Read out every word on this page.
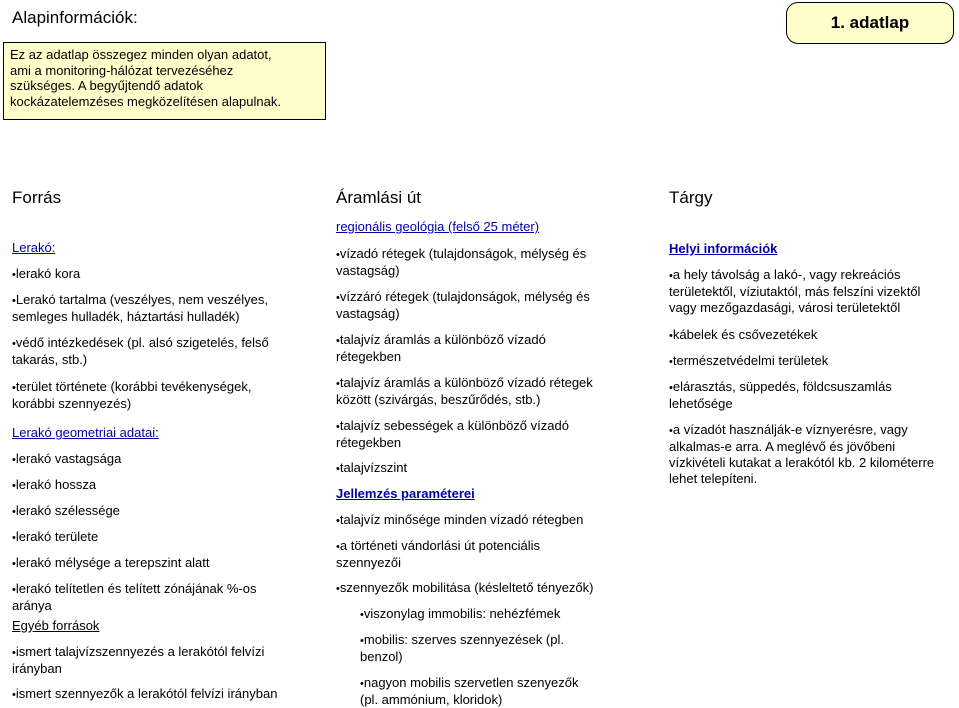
Alapinformációk:	1. adatlap
Ez az adatlap összegez minden olyan adatot,
ami a monitoring-hálózat tervezéséhez
szükséges. A begyűjtendő adatok
kockázatelemzéses megközelítésen alapulnak.
Forrás	Áramlási út	Tárgy
Lerakó:
• lerakó kora
• Lerakó tartalma (veszélyes, nem veszélyes,
semleges hulladék, háztartási hulladék)
• védő intézkedések (pl. alsó szigetelés, felső
takarás, stb.)
• terület története (korábbi tevékenységek,
korábbi szennyezés)
Lerakó geometriai adatai:
• lerakó vastagsága
• lerakó hossza
• lerakó szélessége
• lerakó területe
• lerakó mélysége a terepszint alatt
• lerakó telítetlen és telített zónájának %-os
aránya
Egyéb források
• ismert talajvízszennyezés a lerakótól felvízi
irányban
• ismert szennyezők a lerakótól felvízi irányban
regionális geológia (felső 25 méter)
• vízadó rétegek (tulajdonságok, mélység és
vastagság)
• vízzáró rétegek (tulajdonságok, mélység és
vastagság)
• talajvíz áramlás a különböző vízadó
rétegekben
• talajvíz áramlás a különböző vízadó rétegek
között (szivárgás, beszűrődés, stb.)
• talajvíz sebességek a különböző vízadó
rétegekben
• talajvízszint
Jellemzés paraméterei
• talajvíz minősége minden vízadó rétegben
• a történeti vándorlási út potenciális
szennyezői
• szennyezők mobilitása (késleltető tényezők)
• viszonylag immobilis: nehézfémek
• mobilis: szerves szennyezések (pl.
benzol)
• nagyon mobilis szervetlen szenyezők
(pl. ammónium, kloridok)
Helyi információk
• a hely távolság a lakó-, vagy rekreációs
területektől, víziutaktól, más felszíni vizektől
vagy mezőgazdasági, városi területektől
• kábelek és csővezetékek
• természetvédelmi területek
• elárasztás, süppedés, földcsuszamlás
lehetősége
• a vízadót használják-e víznyerésre, vagy
alkalmas-e arra. A meglévő és jövőbeni
vízkivételi kutakat a lerakótól kb. 2 kilométerre
lehet telepíteni.
